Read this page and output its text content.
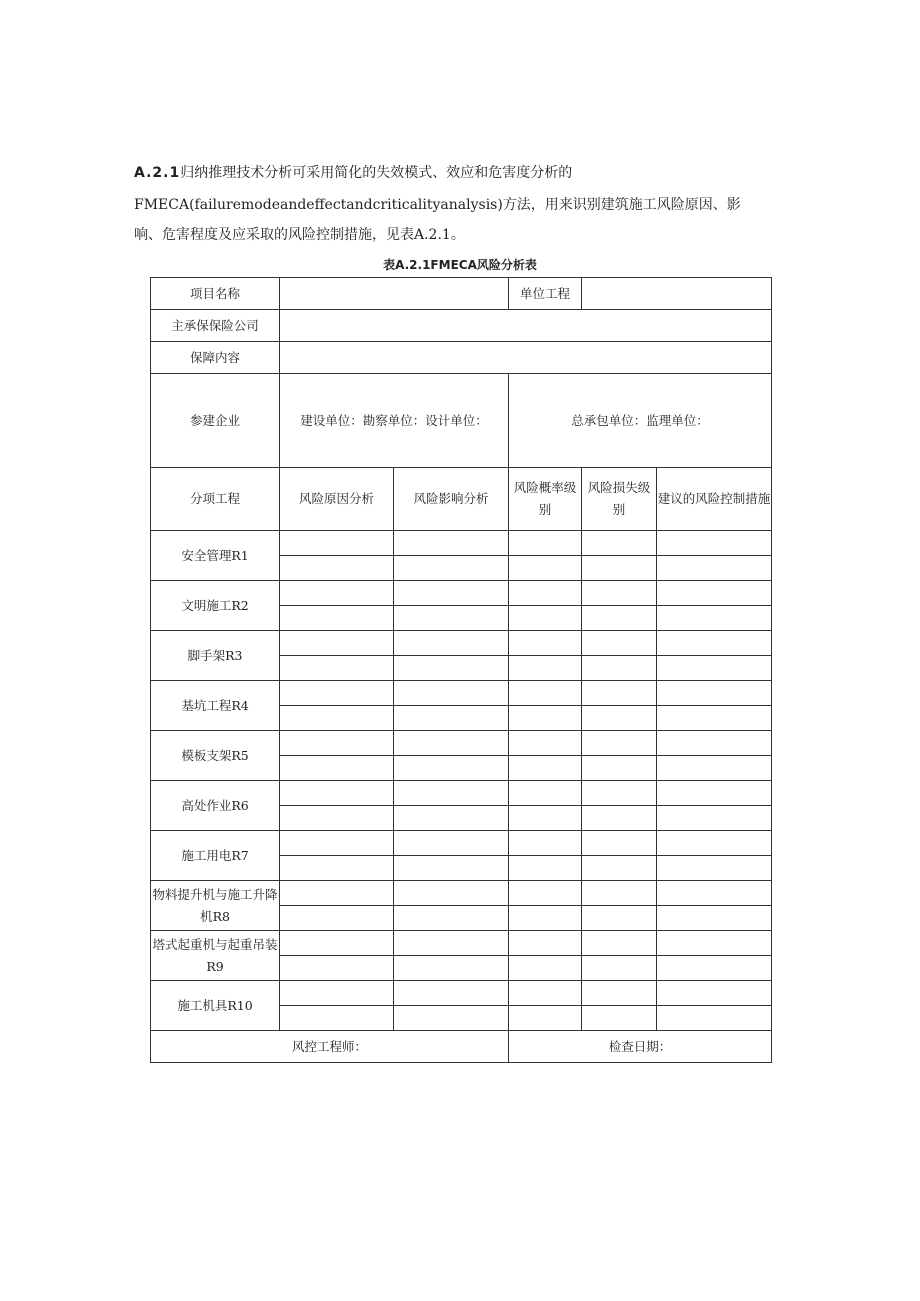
A.2.1归纳推理技术分析可采用简化的失效模式、效应和危害度分析的
FMECA(failuremodeandeffectandcriticalityanalysis)方法，用来识别建筑施工风险原因、影
响、危害程度及应采取的风险控制措施，见表A.2.1。
表A.2.1FMECA风险分析表
项目名称			单位工程		
主承保保险公司					
保障内容					
参建企业	建设单位：勘察单位：设计单位：		总承包单位：监理单位：		
分项工程	风险原因分析	风险影响分析	风险概率级别	风险损失级别	建议的风险控制措施
安全管理R1					

文明施工R2					

脚手架R3					

基坑工程R4					

模板支架R5					

高处作业R6					

施工用电R7					

物料提升机与施工升降机R8					

塔式起重机与起重吊装R9					

施工机具R10					

风控工程师：			检查日期：		
